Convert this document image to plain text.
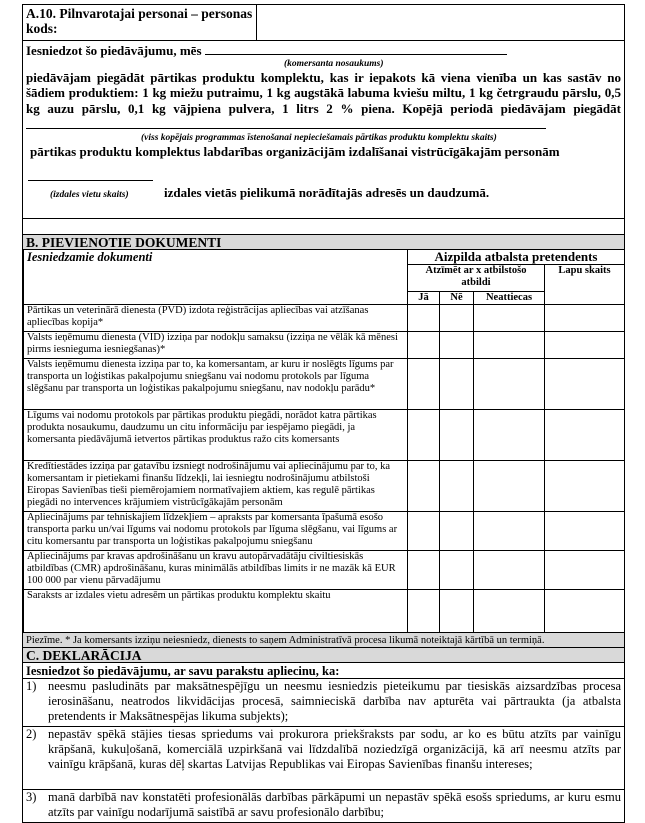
A.10. Pilnvarotajai personai – personas kods:
Iesniedzot šo piedāvājumu, mēs
(komersanta nosaukums)
piedāvājam piegādāt pārtikas produktu komplektu, kas ir iepakots kā viena vienība un kas sastāv no šādiem produktiem: 1 kg miežu putraimu, 1 kg augstākā labuma kviešu miltu, 1 kg četrgraudu pārslu, 0,5 kg auzu pārslu, 0,1 kg vājpiena pulvera, 1 litrs 2 % piena. Kopējā periodā piedāvājam piegādāt
(viss kopējais programmas īstenošanai nepieciešamais pārtikas produktu komplektu skaits)
pārtikas produktu komplektus labdarības organizācijām izdalīšanai vistrūcīgākajām personām
(izdales vietu skaits)	izdales vietās pielikumā norādītajās adresēs un daudzumā.
B. PIEVIENOTIE DOKUMENTI
Iesniedzamie dokumenti	Aizpilda atbalsta pretendents			
	Atzīmēt ar x atbilstošo atbildi			Lapu skaits
	Jā	Nē	Neattiecas	
Pārtikas un veterinārā dienesta (PVD) izdota reģistrācijas apliecības vai atzīšanas apliecības kopija*				
Valsts ieņēmumu dienesta (VID) izziņa par nodokļu samaksu (izziņa ne vēlāk kā mēnesi pirms iesnieguma iesniegšanas)*				
Valsts ieņēmumu dienesta izziņa par to, ka komersantam, ar kuru ir noslēgts līgums par transporta un loģistikas pakalpojumu sniegšanu vai nodomu protokols par līguma slēgšanu par transporta un loģistikas pakalpojumu sniegšanu, nav nodokļu parādu*				
Līgums vai nodomu protokols par pārtikas produktu piegādi, norādot katra pārtikas produkta nosaukumu, daudzumu un citu informāciju par iespējamo piegādi, ja komersanta piedāvājumā ietvertos pārtikas produktus ražo cits komersants				
Kredītiestādes izziņa par gatavību izsniegt nodrošinājumu vai apliecinājumu par to, ka komersantam ir pietiekami finanšu līdzekļi, lai iesniegtu nodrošinājumu atbilstoši Eiropas Savienības tieši piemērojamiem normatīvajiem aktiem, kas regulē pārtikas piegādi no intervences krājumiem vistrūcīgākajām personām				
Apliecinājums par tehniskajiem līdzekļiem – apraksts par komersanta īpašumā esošo transporta parku un/vai līgums vai nodomu protokols par līguma slēgšanu, vai līgums ar citu komersantu par transporta un loģistikas pakalpojumu sniegšanu				
Apliecinājums par kravas apdrošināšanu un kravu autopārvadātāju civiltiesiskās atbildības (CMR) apdrošināšanu, kuras minimālās atbildības limits ir ne mazāk kā EUR 100 000 par vienu pārvadājumu				
Saraksts ar izdales vietu adresēm un pārtikas produktu komplektu skaitu				
Piezīme. * Ja komersants izziņu neiesniedz, dienests to saņem Administratīvā procesa likumā noteiktajā kārtībā un termiņā.
C. DEKLARĀCIJA
Iesniedzot šo piedāvājumu, ar savu parakstu apliecinu, ka:
1) neesmu pasludināts par maksātnespējīgu un neesmu iesniedzis pieteikumu par tiesiskās aizsardzības procesa ierosināšanu, neatrodos likvidācijas procesā, saimnieciskā darbība nav apturēta vai pārtraukta (ja atbalsta pretendents ir Maksātnespējas likuma subjekts);
2) nepastāv spēkā stājies tiesas spriedums vai prokurora priekšraksts par sodu, ar ko es būtu atzīts par vainīgu krāpšanā, kukuļošanā, komerciālā uzpirkšanā vai līdzdalībā noziedzīgā organizācijā, kā arī neesmu atzīts par vainīgu krāpšanā, kuras dēļ skartas Latvijas Republikas vai Eiropas Savienības finanšu intereses;
3) manā darbībā nav konstatēti profesionālās darbības pārkāpumi un nepastāv spēkā esošs spriedums, ar kuru esmu atzīts par vainīgu nodarījumā saistībā ar savu profesionālo darbību;
